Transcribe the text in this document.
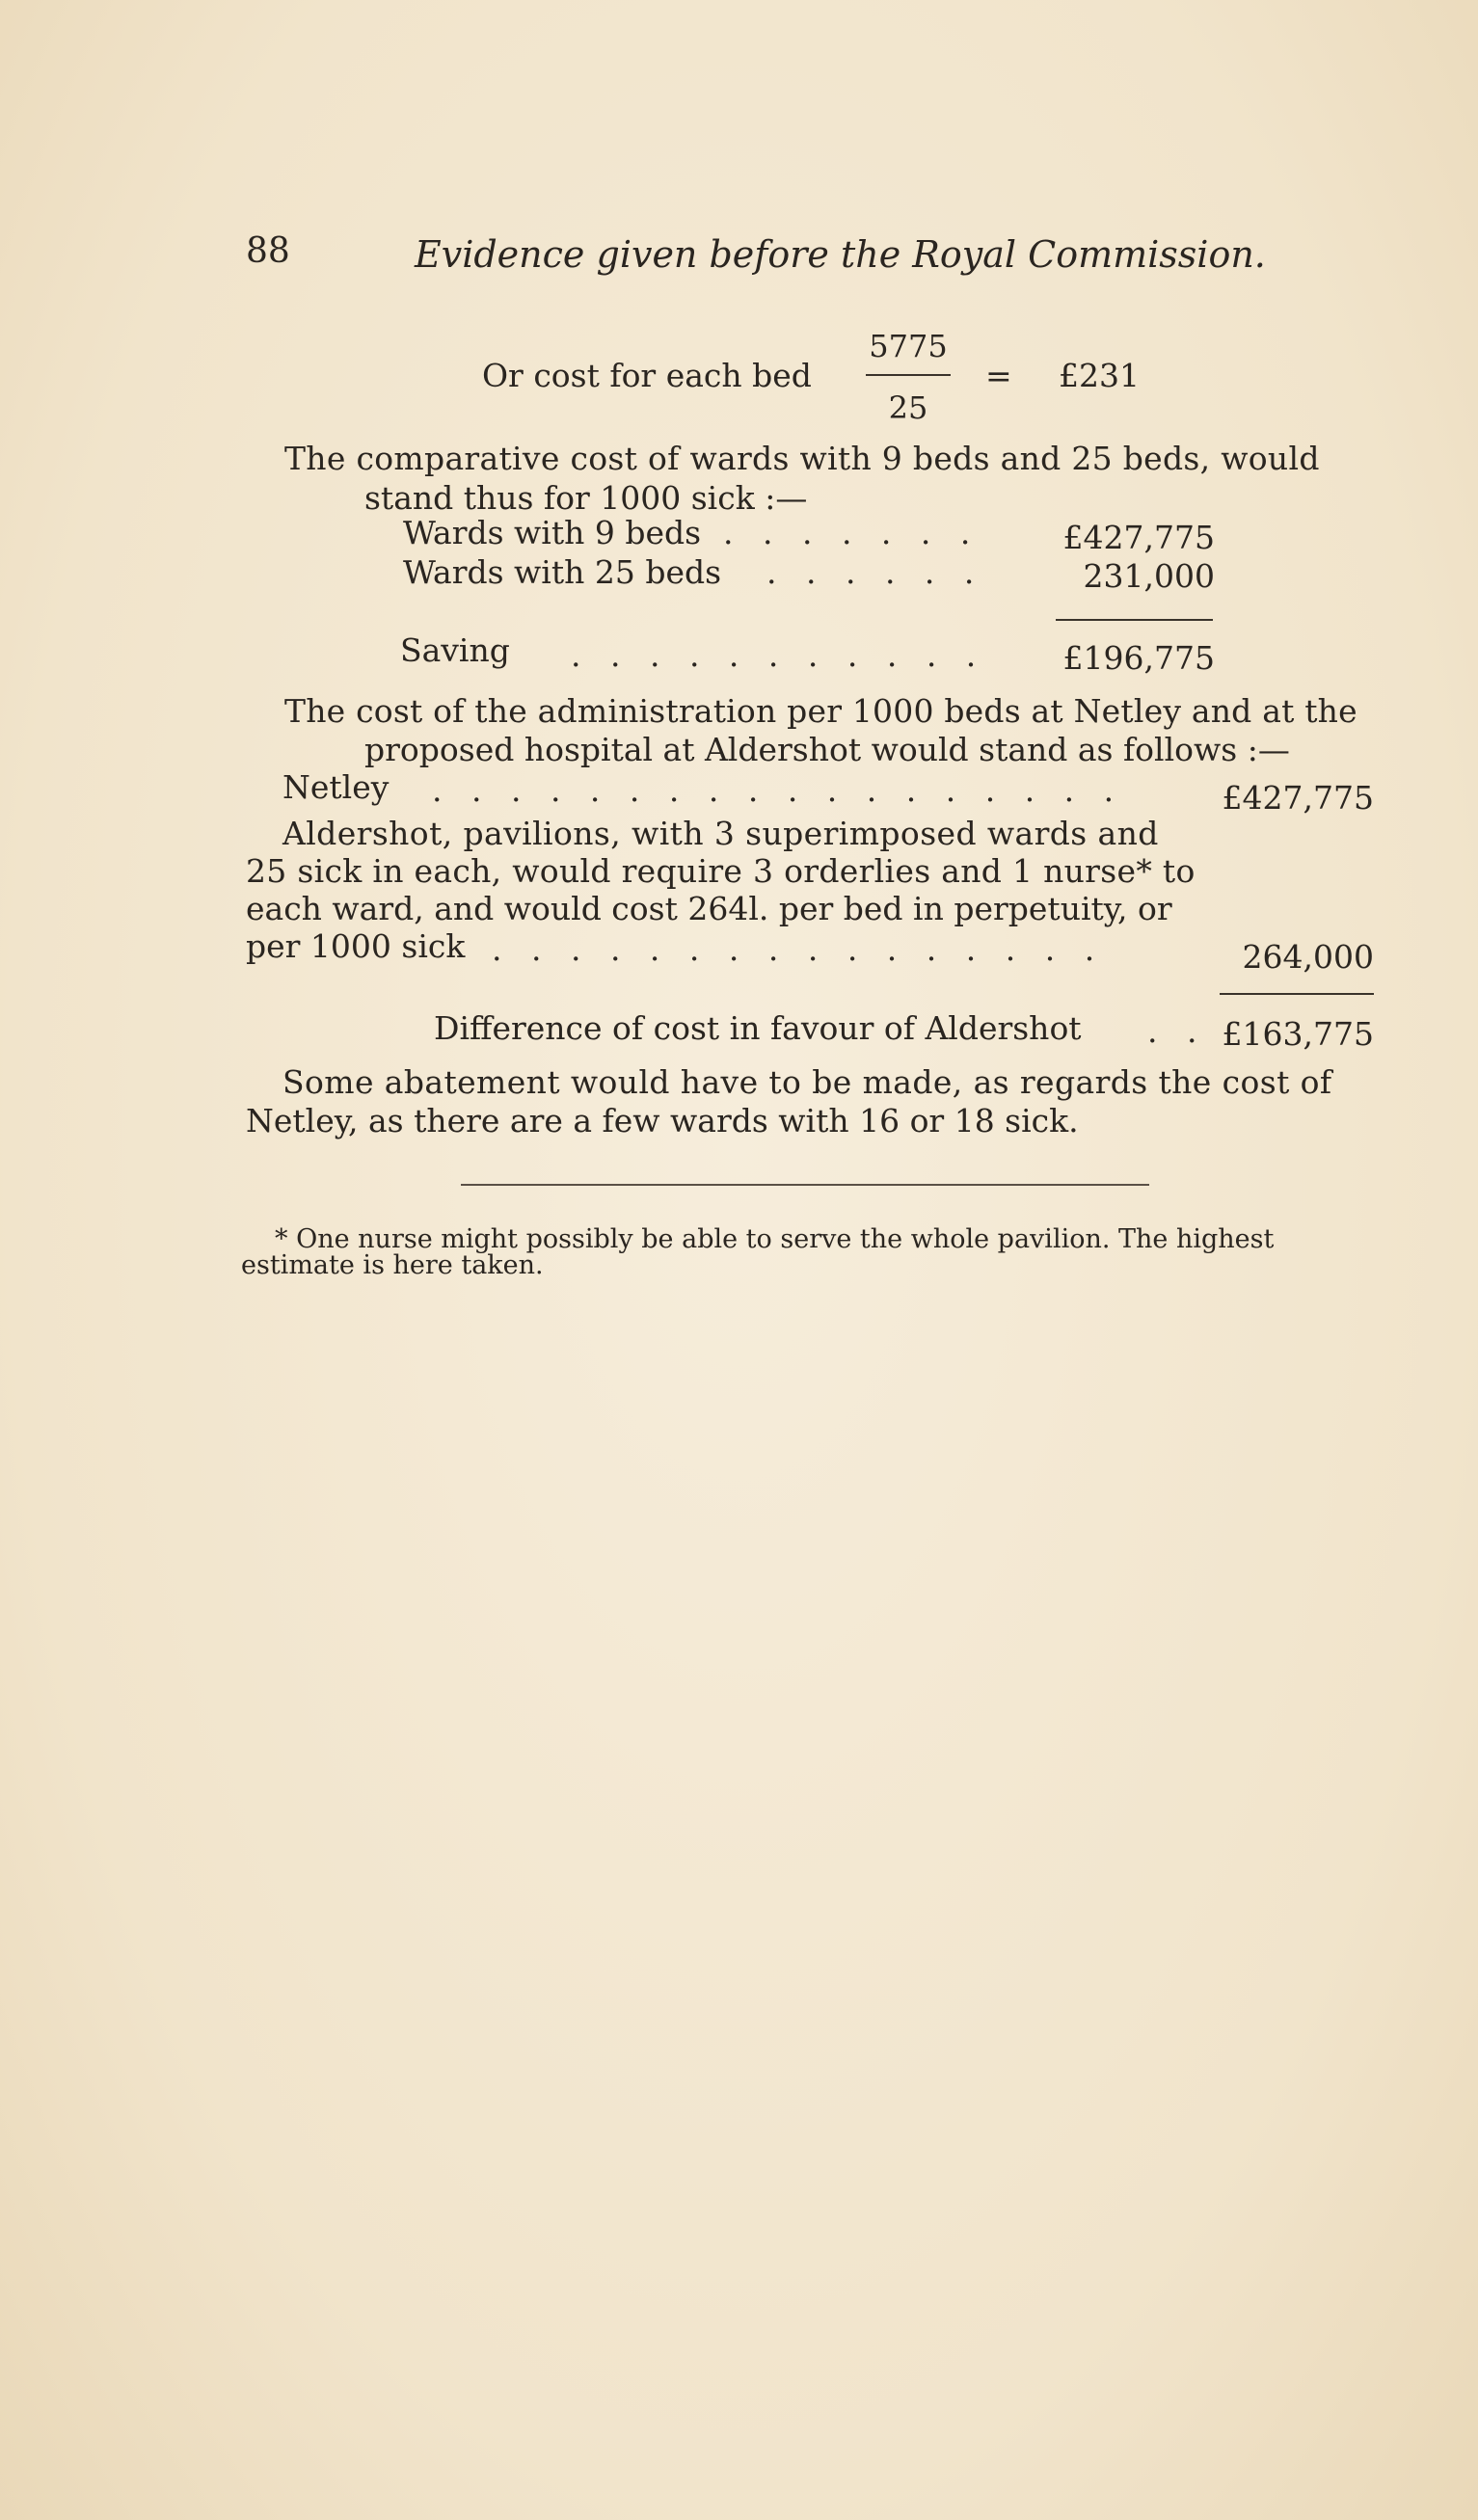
88	Evidence given before the Royal Commission.
Or cost for each bed
5775
25
= £231
The comparative cost of wards with 9 beds and 25 beds, would
stand thus for 1000 sick :—
Wards with 9 beds . . . . . . .	£427,775
Wards with 25 beds . . . . . .	231,000
Saving . . . . . . . . . . . £196,775
The cost of the administration per 1000 beds at Netley and at the
proposed hospital at Aldershot would stand as follows :—
Netley . . . . . . . . . . . . . . . . . .	£427,775
Aldershot, pavilions, with 3 superimposed wards and
25 sick in each, would require 3 orderlies and 1 nurse* to
each ward, and would cost 264l. per bed in perpetuity, or
per 1000 sick . . . . . . . . . . . . . . . .	264,000
Difference of cost in favour of Aldershot . . £163,775
Some abatement would have to be made, as regards the cost of
Netley, as there are a few wards with 16 or 18 sick.
* One nurse might possibly be able to serve the whole pavilion. The highest
estimate is here taken.
